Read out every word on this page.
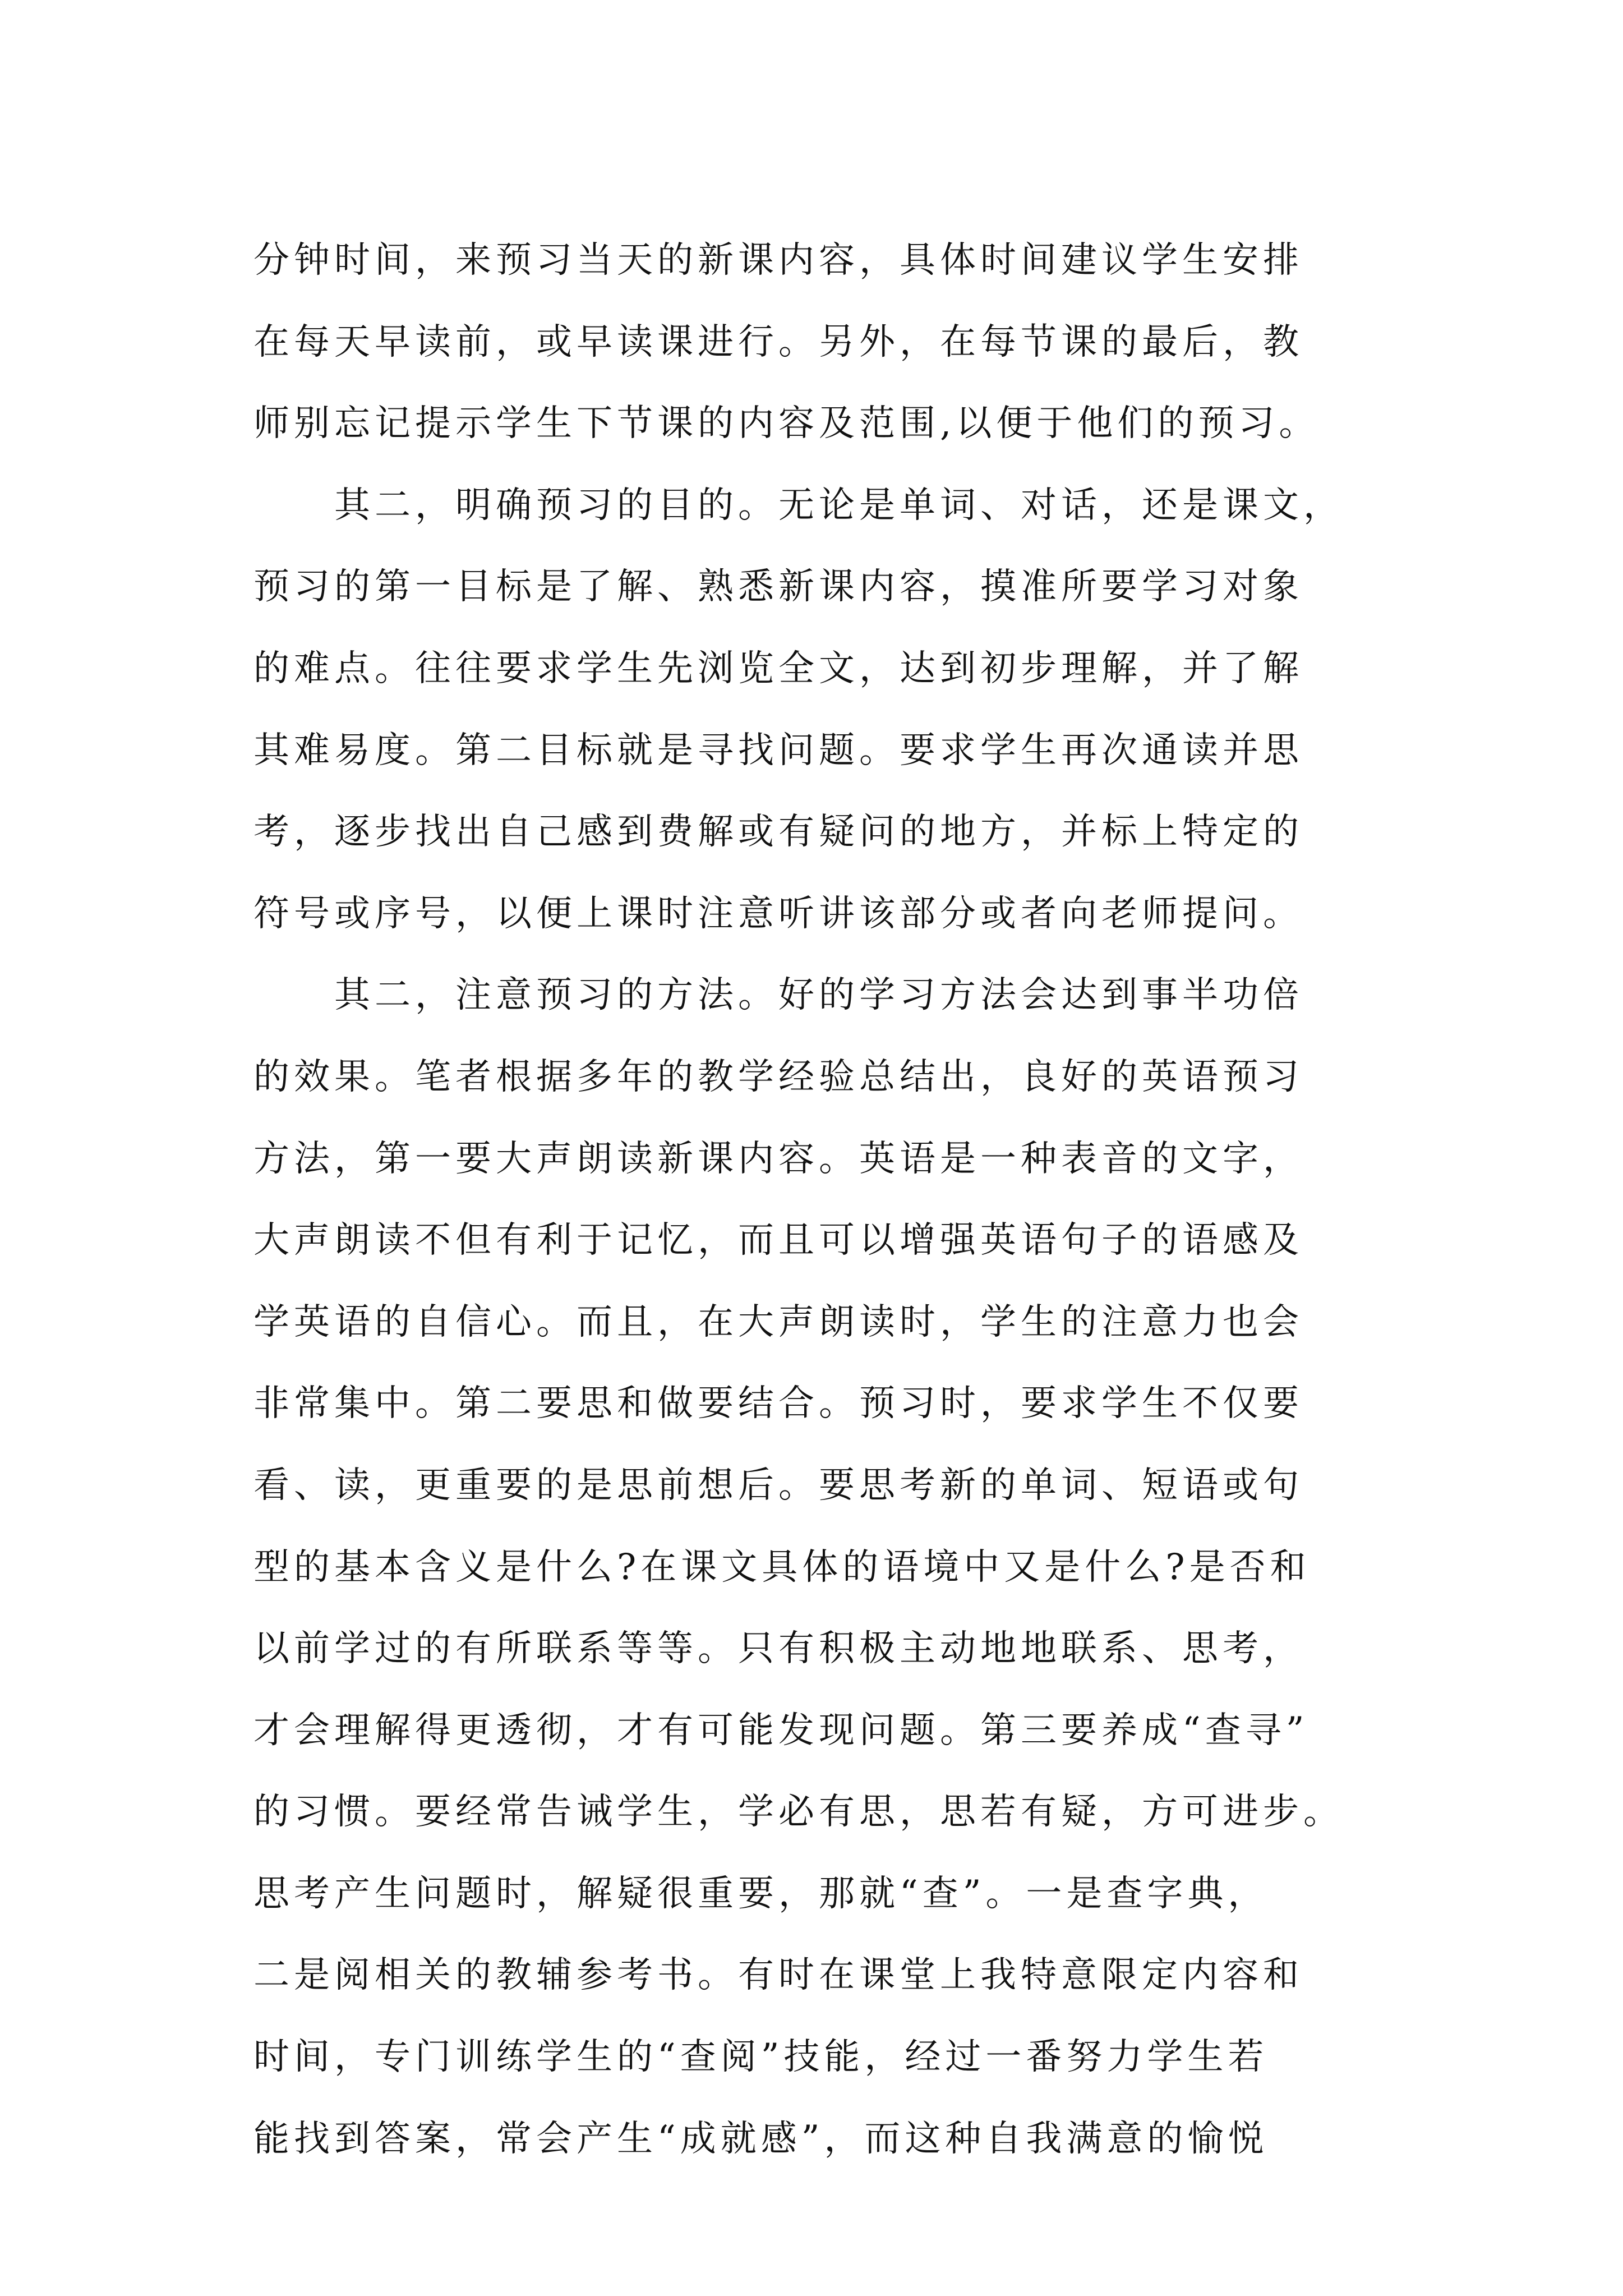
分钟时间，来预习当天的新课内容，具体时间建议学生安排
在每天早读前，或早读课进行。另外，在每节课的最后，教
师别忘记提示学生下节课的内容及范围,以便于他们的预习。
其二，明确预习的目的。无论是单词、对话，还是课文，
预习的第一目标是了解、熟悉新课内容，摸准所要学习对象
的难点。往往要求学生先浏览全文，达到初步理解，并了解
其难易度。第二目标就是寻找问题。要求学生再次通读并思
考，逐步找出自己感到费解或有疑问的地方，并标上特定的
符号或序号，以便上课时注意听讲该部分或者向老师提问。
其二，注意预习的方法。好的学习方法会达到事半功倍
的效果。笔者根据多年的教学经验总结出，良好的英语预习
方法，第一要大声朗读新课内容。英语是一种表音的文字，
大声朗读不但有利于记忆，而且可以增强英语句子的语感及
学英语的自信心。而且，在大声朗读时，学生的注意力也会
非常集中。第二要思和做要结合。预习时，要求学生不仅要
看、读，更重要的是思前想后。要思考新的单词、短语或句
型的基本含义是什么?在课文具体的语境中又是什么?是否和
以前学过的有所联系等等。只有积极主动地地联系、思考，
才会理解得更透彻，才有可能发现问题。第三要养成“查寻”
的习惯。要经常告诫学生，学必有思，思若有疑，方可进步。
思考产生问题时，解疑很重要，那就“查”。一是查字典，
二是阅相关的教辅参考书。有时在课堂上我特意限定内容和
时间，专门训练学生的“查阅”技能，经过一番努力学生若
能找到答案，常会产生“成就感”，而这种自我满意的愉悦
